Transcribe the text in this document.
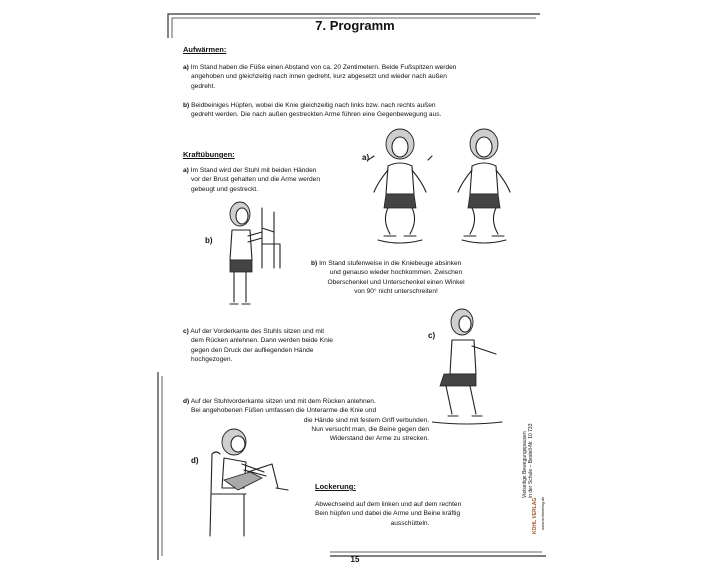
7. Programm
Aufwärmen:
a) Im Stand haben die Füße einen Abstand von ca. 20 Zentimetern. Beide Fußspitzen werden
angehoben und gleichzeitig nach innen gedreht, kurz abgesetzt und wieder nach außen
gedreht.
b) Beidbeiniges Hüpfen, wobei die Knie gleichzeitig nach links bzw. nach rechts außen
gedreht werden. Die nach außen gestreckten Arme führen eine Gegenbewegung aus.
Kraftübungen:
a) Im Stand wird der Stuhl mit beiden Händen
vor der Brust gehalten und die Arme werden
gebeugt und gestreckt.
b) Im Stand stufenweise in die Kniebeuge absinken
und genauso wieder hochkommen. Zwischen
Oberschenkel und Unterschenkel einen Winkel
von 90° nicht unterschreiten!
c) Auf der Vorderkante des Stuhls sitzen und mit
dem Rücken anlehnen. Dann werden beide Knie
gegen den Druck der aufliegenden Hände
hochgezogen.
d) Auf der Stuhlvorderkante sitzen und mit dem Rücken anlehnen.
Bei angehobenen Füßen umfassen die Unterarme die Knie und
die Hände sind mit festem Griff verbunden.
Nun versucht man, die Beine gegen den
Widerstand der Arme zu strecken.
Lockerung:
Abwechselnd auf dem linken und auf dem rechten
Bein hüpfen und dabei die Arme und Beine kräftig
ausschütteln.
a)
b)
c)
d)	Vielseitige Bewegungspausen in der Schule – Bestell-Nr. 10 733
KOHL VERLAG www.kohlverlag.de
15
